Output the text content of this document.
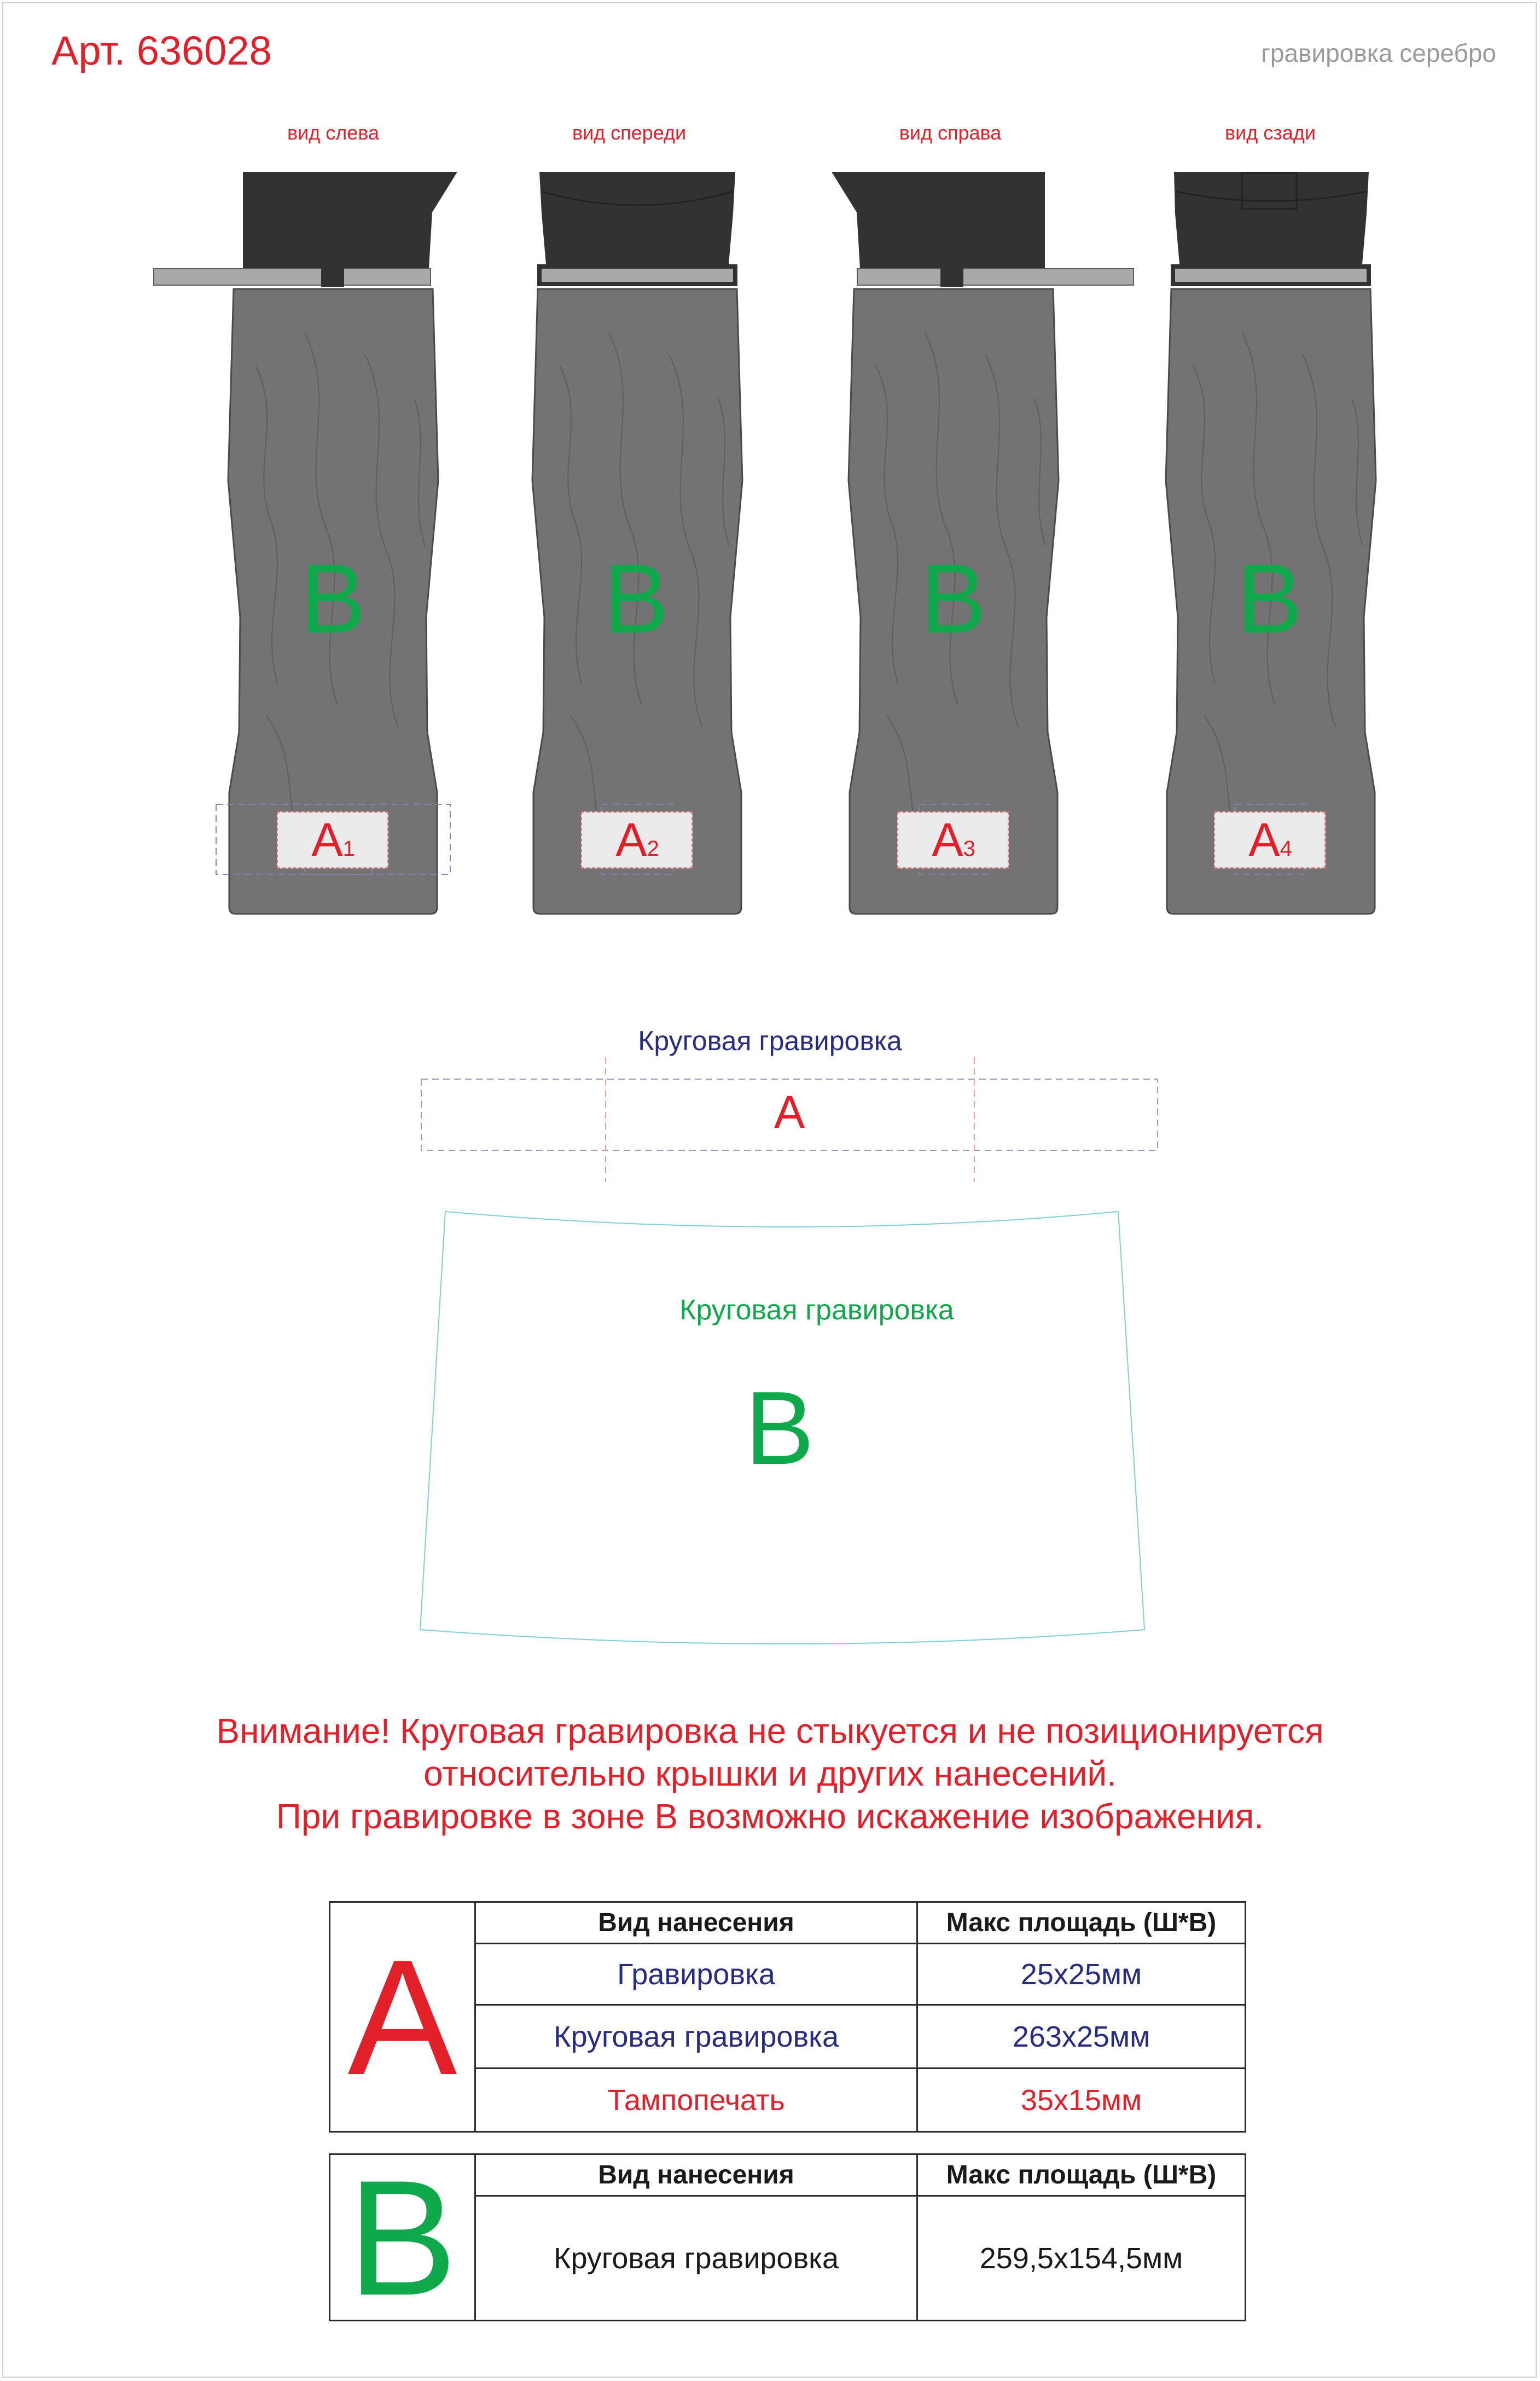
Арт. 636028	гравировка серебро
вид слева	вид спереди	вид справа	вид сзади
B B	B	B
A1	A2	A3	A4
Круговая гравировка
A
Круговая гравировка
B
Внимание! Круговая гравировка не стыкуется и не позиционируется
относительно крышки и других нанесений.
При гравировке в зоне B возможно искажение изображения.
A	Вид нанесения	Макс площадь (Ш*В)
	Гравировка	25x25мм
	Круговая гравировка	263x25мм
	Тампопечать	35x15мм
B	Вид нанесения	Макс площадь (Ш*В)
	Круговая гравировка	259,5x154,5мм
